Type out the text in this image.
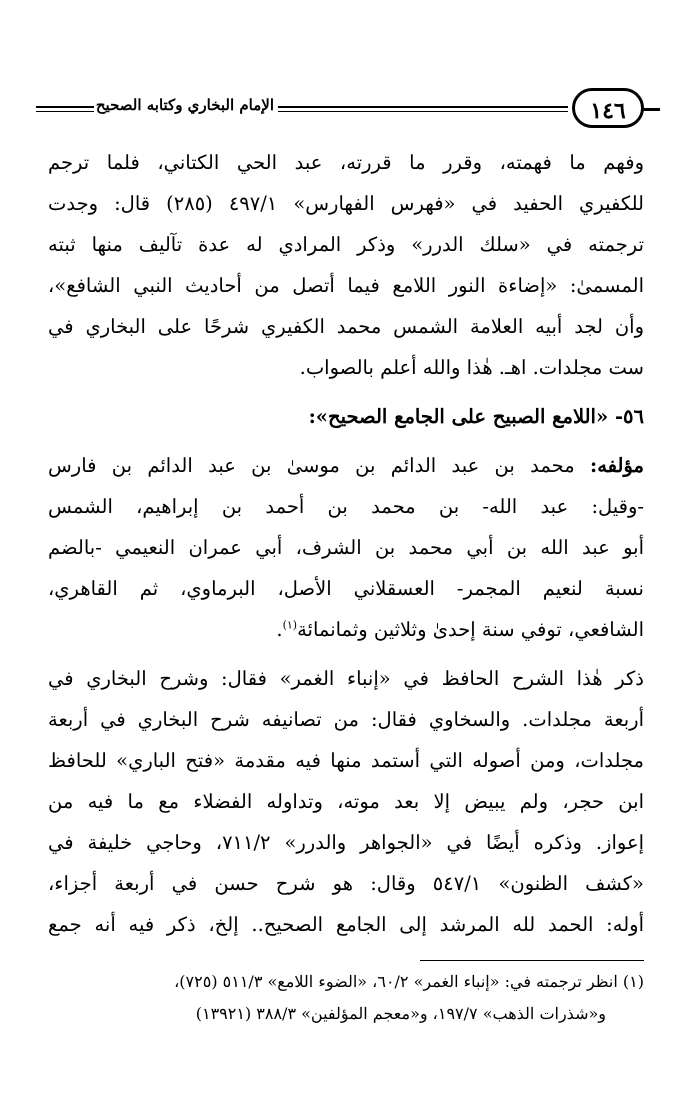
الإمام البخاري وكتابه الصحيح	١٤٦
وفهم ما فهمته، وقرر ما قررته، عبد الحي الكتاني، فلما ترجم
للكفيري الحفيد في «فهرس الفهارس» ٤٩٧/١ (٢٨٥) قال: وجدت
ترجمته في «سلك الدرر» وذكر المرادي له عدة تآليف منها ثبته
المسمىٰ: «إضاءة النور اللامع فيما أتصل من أحاديث النبي الشافع»،
وأن لجد أبيه العلامة الشمس محمد الكفيري شرحًا على البخاري في
ست مجلدات. اهـ. هٰذا والله أعلم بالصواب.
٥٦- «اللامع الصبيح على الجامع الصحيح»:
مؤلفه: محمد بن عبد الدائم بن موسىٰ بن عبد الدائم بن فارس
-وقيل: عبد الله- بن محمد بن أحمد بن إبراهيم، الشمس
أبو عبد الله بن أبي محمد بن الشرف، أبي عمران النعيمي -بالضم
نسبة لنعيم المجمر- العسقلاني الأصل، البرماوي، ثم القاهري،
الشافعي، توفي سنة إحدىٰ وثلاثين وثمانمائة$^{(١)}$.
ذكر هٰذا الشرح الحافظ في «إنباء الغمر» فقال: وشرح البخاري في
أربعة مجلدات. والسخاوي فقال: من تصانيفه شرح البخاري في أربعة
مجلدات، ومن أصوله التي أستمد منها فيه مقدمة «فتح الباري» للحافظ
ابن حجر، ولم يبيض إلا بعد موته، وتداوله الفضلاء مع ما فيه من
إعواز. وذكره أيضًا في «الجواهر والدرر» ٧١١/٢، وحاجي خليفة في
«كشف الظنون» ٥٤٧/١ وقال: هو شرح حسن في أربعة أجزاء،
أوله: الحمد لله المرشد إلى الجامع الصحيح.. إلخ، ذكر فيه أنه جمع
(١) انظر ترجمته في: «إنباء الغمر» ٦٠/٢، «الضوء اللامع» ٥١١/٣ (٧٢٥)،
و«شذرات الذهب» ١٩٧/٧، و«معجم المؤلفين» ٣٨٨/٣ (١٣٩٢١)
